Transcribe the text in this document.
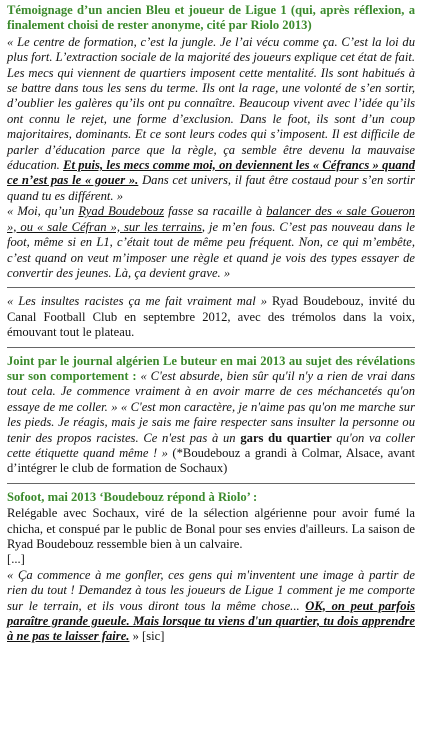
Témoignage d’un ancien Bleu et joueur de Ligue 1 (qui, après réflexion, a finalement choisi de rester anonyme, cité par Riolo 2013)

« Le centre de formation, c’est la jungle. Je l’ai vécu comme ça. C’est la loi du plus fort. L’extraction sociale de la majorité des joueurs explique cet état de fait. Les mecs qui viennent de quartiers imposent cette mentalité. Ils sont habitués à se battre dans tous les sens du terme. Ils ont la rage, une volonté de s’en sortir, d’oublier les galères qu’ils ont pu connaître. Beaucoup vivent avec l’idée qu’ils ont connu le rejet, une forme d’exclusion. Dans le foot, ils sont d’un coup majoritaires, dominants. Et ce sont leurs codes qui s’imposent. Il est difficile de parler d’éducation parce que la règle, ça semble être devenu la mauvaise éducation. Et puis, les mecs comme moi, on deviennent les « Céfrancs » quand ce n’est pas le « gouer ». Dans cet univers, il faut être costaud pour s’en sortir quand tu es différent. »

« Moi, qu’un Ryad Boudebouz fasse sa racaille à balancer des « sale Goueron », ou « sale Céfran », sur les terrains, je m’en fous. C’est pas nouveau dans le foot, même si en L1, c’était tout de même peu fréquent. Non, ce qui m’embête, c’est quand on veut m’imposer une règle et quand je vois des types essayer de convertir des jeunes. Là, ça devient grave. »

« Les insultes racistes ça me fait vraiment mal » Ryad Boudebouz, invité du Canal Football Club en septembre 2012, avec des trémolos dans la voix, émouvant tout le plateau.

Joint par le journal algérien Le buteur en mai 2013 au sujet des révélations sur son comportement : « C'est absurde, bien sûr qu'il n'y a rien de vrai dans tout cela. Je commence vraiment à en avoir marre de ces méchancetés qu'on essaye de me coller. » « C'est mon caractère, je n'aime pas qu'on me marche sur les pieds. Je réagis, mais je sais me faire respecter sans insulter la personne ou tenir des propos racistes. Ce n'est pas à un gars du quartier qu'on va coller cette étiquette quand même ! » (*Boudebouz a grandi à Colmar, Alsace, avant d’intégrer le club de formation de Sochaux)

Sofoot, mai 2013 ‘Boudebouz répond à Riolo’ :

Relégable avec Sochaux, viré de la sélection algérienne pour avoir fumé la chicha, et conspué par le public de Bonal pour ses envies d'ailleurs. La saison de Ryad Boudebouz ressemble bien à un calvaire.

[...]

« Ça commence à me gonfler, ces gens qui m'inventent une image à partir de rien du tout ! Demandez à tous les joueurs de Ligue 1 comment je me comporte sur le terrain, et ils vous diront tous la même chose... OK, on peut parfois paraître grande gueule. Mais lorsque tu viens d'un quartier, tu dois apprendre à ne pas te laisser faire. » [sic]
